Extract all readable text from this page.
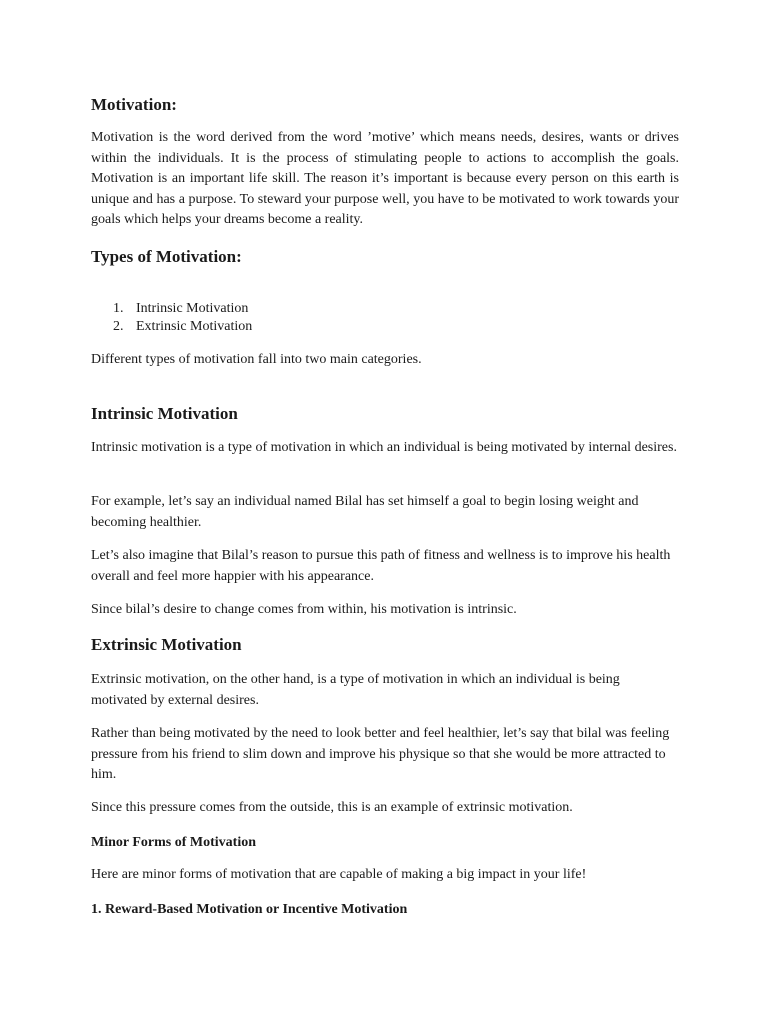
Motivation:

Motivation is the word derived from the word ’motive’ which means needs, desires, wants or drives within the individuals. It is the process of stimulating people to actions to accomplish the goals. Motivation is an important life skill. The reason it’s important is because every person on this earth is unique and has a purpose. To steward your purpose well, you have to be motivated to work towards your goals which helps your dreams become a reality.

Types of Motivation:
1. Intrinsic Motivation
2. Extrinsic Motivation

Different types of motivation fall into two main categories.

Intrinsic Motivation

Intrinsic motivation is a type of motivation in which an individual is being motivated by internal desires.

For example, let’s say an individual named Bilal has set himself a goal to begin losing weight and becoming healthier.

Let’s also imagine that Bilal’s reason to pursue this path of fitness and wellness is to improve his health overall and feel more happier with his appearance.

Since bilal’s desire to change comes from within, his motivation is intrinsic.

Extrinsic Motivation

Extrinsic motivation, on the other hand, is a type of motivation in which an individual is being motivated by external desires.

Rather than being motivated by the need to look better and feel healthier, let’s say that bilal was feeling pressure from his friend to slim down and improve his physique so that she would be more attracted to him.

Since this pressure comes from the outside, this is an example of extrinsic motivation.

Minor Forms of Motivation

Here are minor forms of motivation that are capable of making a big impact in your life!

1. Reward-Based Motivation or Incentive Motivation
